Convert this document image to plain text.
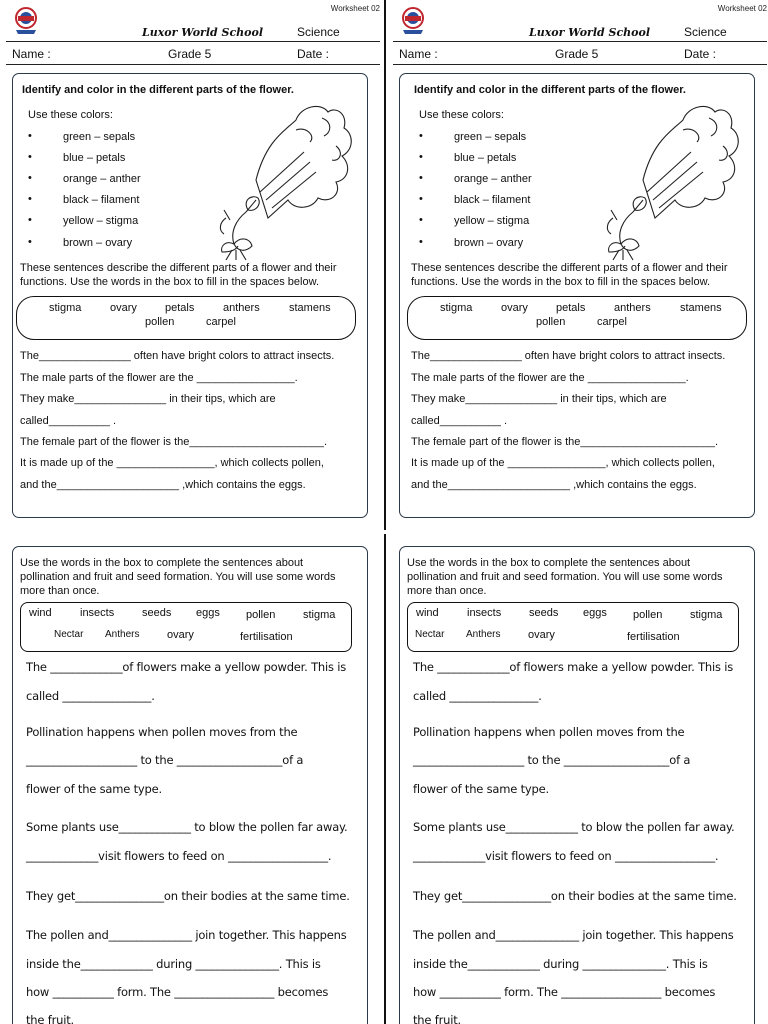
Worksheet 02
Luxor World School	Science
Name :	Grade 5	Date :
Identify and color in the different parts of the flower.
Use these colors:
•	green – sepals
•	blue – petals
•	orange – anther
•	black – filament
•	yellow – stigma
•	brown – ovary
These sentences describe the different parts of a flower and their
functions. Use the words in the box to fill in the spaces below.
stigma	ovary	petals	anthers	stamens
pollen	carpel
The_______________ often have bright colors to attract insects.
The male parts of the flower are the ________________.
They make_______________ in their tips, which are
called__________ .
The female part of the flower is the______________________.
It is made up of the ________________, which collects pollen,
and the____________________ ,which contains the eggs.
Use the words in the box to complete the sentences about
pollination and fruit and seed formation. You will use some words
more than once.
wind	insects	seeds eggs pollen	stigma
Nectar Anthers	ovary	fertilisation
The _____________of flowers make a yellow powder. This is
called ________________.
Pollination happens when pollen moves from the
____________________ to the ___________________of a
flower of the same type.
Some plants use_____________ to blow the pollen far away.
_____________visit flowers to feed on __________________.
They get________________on their bodies at the same time.
The pollen and_______________ join together. This happens
inside the_____________ during _______________. This is
how ___________ form. The __________________ becomes
the fruit.
Worksheet 02
Luxor World School	Science
Name :	Grade 5	Date :
Identify and color in the different parts of the flower.
Use these colors:
•	green – sepals
•	blue – petals
•	orange – anther
•	black – filament
•	yellow – stigma
•	brown – ovary
These sentences describe the different parts of a flower and their
functions. Use the words in the box to fill in the spaces below.
stigma	ovary	petals	anthers	stamens
pollen	carpel
The_______________ often have bright colors to attract insects.
The male parts of the flower are the ________________.
They make_______________ in their tips, which are
called__________ .
The female part of the flower is the______________________.
It is made up of the ________________, which collects pollen,
and the____________________ ,which contains the eggs.
Use the words in the box to complete the sentences about
pollination and fruit and seed formation. You will use some words
more than once.
wind	insects	seeds eggs pollen	stigma
Nectar Anthers	ovary	fertilisation
The _____________of flowers make a yellow powder. This is
called ________________.
Pollination happens when pollen moves from the
____________________ to the ___________________of a
flower of the same type.
Some plants use_____________ to blow the pollen far away.
_____________visit flowers to feed on __________________.
They get________________on their bodies at the same time.
The pollen and_______________ join together. This happens
inside the_____________ during _______________. This is
how ___________ form. The __________________ becomes
the fruit.
